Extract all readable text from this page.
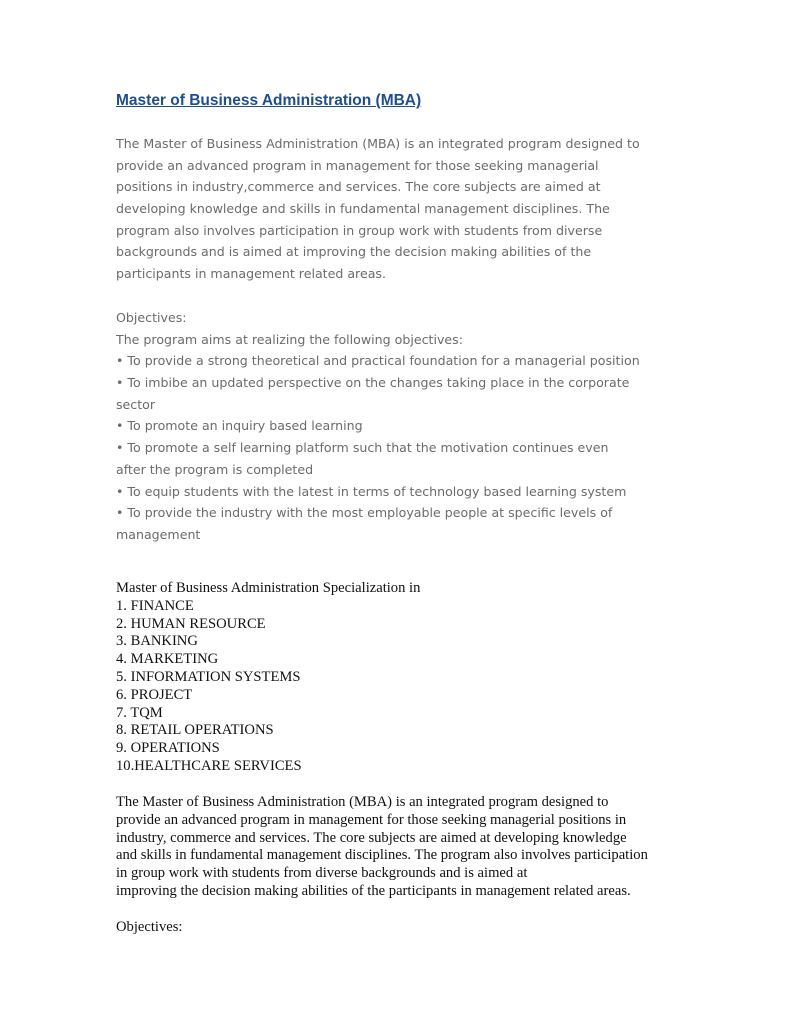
Master of Business Administration (MBA)
The Master of Business Administration (MBA) is an integrated program designed to
provide an advanced program in management for those seeking managerial
positions in industry,commerce and services. The core subjects are aimed at
developing knowledge and skills in fundamental management disciplines. The
program also involves participation in group work with students from diverse
backgrounds and is aimed at improving the decision making abilities of the
participants in management related areas.
Objectives:
The program aims at realizing the following objectives:
• To provide a strong theoretical and practical foundation for a managerial position
• To imbibe an updated perspective on the changes taking place in the corporate
sector
• To promote an inquiry based learning
• To promote a self learning platform such that the motivation continues even
after the program is completed
• To equip students with the latest in terms of technology based learning system
• To provide the industry with the most employable people at specific levels of
management
Master of Business Administration Specialization in
1. FINANCE
2. HUMAN RESOURCE
3. BANKING
4. MARKETING
5. INFORMATION SYSTEMS
6. PROJECT
7. TQM
8. RETAIL OPERATIONS
9. OPERATIONS
10.HEALTHCARE SERVICES
The Master of Business Administration (MBA) is an integrated program designed to
provide an advanced program in management for those seeking managerial positions in
industry, commerce and services. The core subjects are aimed at developing knowledge
and skills in fundamental management disciplines. The program also involves participation
in group work with students from diverse backgrounds and is aimed at
improving the decision making abilities of the participants in management related areas.
Objectives:
